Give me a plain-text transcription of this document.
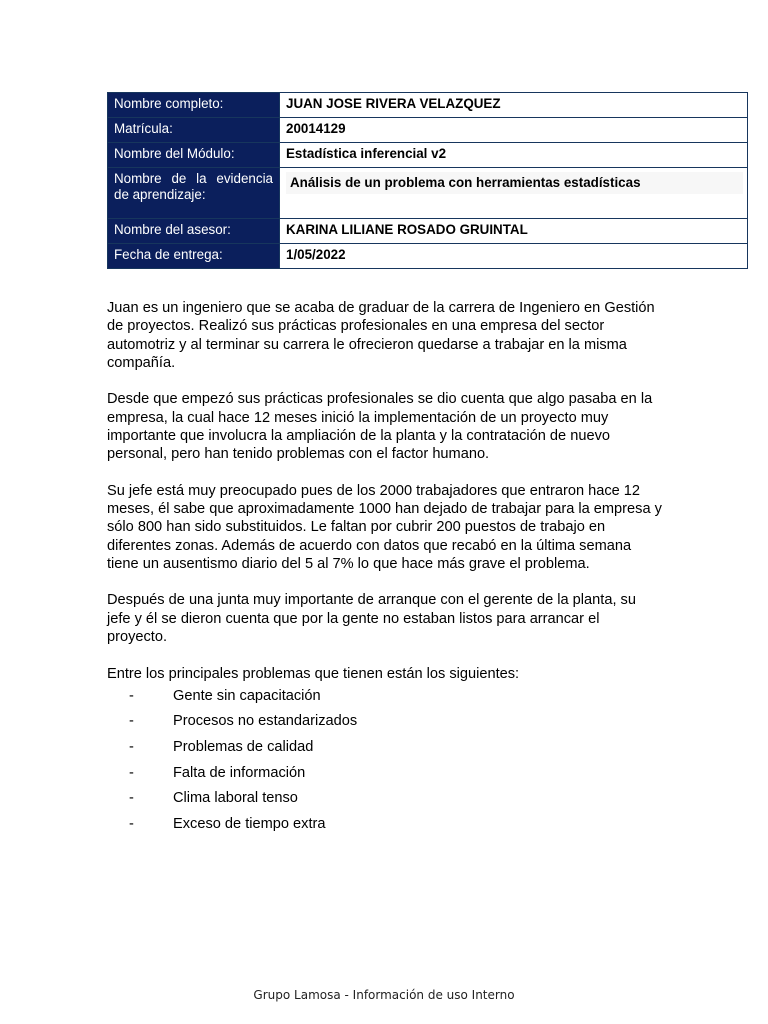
Nombre completo:	JUAN JOSE RIVERA VELAZQUEZ
Matrícula:	20014129
Nombre del Módulo:	Estadística inferencial v2
Nombre de la evidencia de aprendizaje:	Análisis de un problema con herramientas estadísticas

Nombre del asesor:	KARINA LILIANE ROSADO GRUINTAL
Fecha de entrega:	1/05/2022

Juan es un ingeniero que se acaba de graduar de la carrera de Ingeniero en Gestión de proyectos. Realizó sus prácticas profesionales en una empresa del sector automotriz y al terminar su carrera le ofrecieron quedarse a trabajar en la misma compañía.

Desde que empezó sus prácticas profesionales se dio cuenta que algo pasaba en la empresa, la cual hace 12 meses inició la implementación de un proyecto muy importante que involucra la ampliación de la planta y la contratación de nuevo personal, pero han tenido problemas con el factor humano.

Su jefe está muy preocupado pues de los 2000 trabajadores que entraron hace 12 meses, él sabe que aproximadamente 1000 han dejado de trabajar para la empresa y sólo 800 han sido substituidos. Le faltan por cubrir 200 puestos de trabajo en diferentes zonas. Además de acuerdo con datos que recabó en la última semana tiene un ausentismo diario del 5 al 7% lo que hace más grave el problema.

Después de una junta muy importante de arranque con el gerente de la planta, su jefe y él se dieron cuenta que por la gente no estaban listos para arrancar el proyecto.

Entre los principales problemas que tienen están los siguientes:

-	Gente sin capacitación
-	Procesos no estandarizados
-	Problemas de calidad
-	Falta de información
-	Clima laboral tenso
-	Exceso de tiempo extra
Grupo Lamosa - Información de uso Interno
